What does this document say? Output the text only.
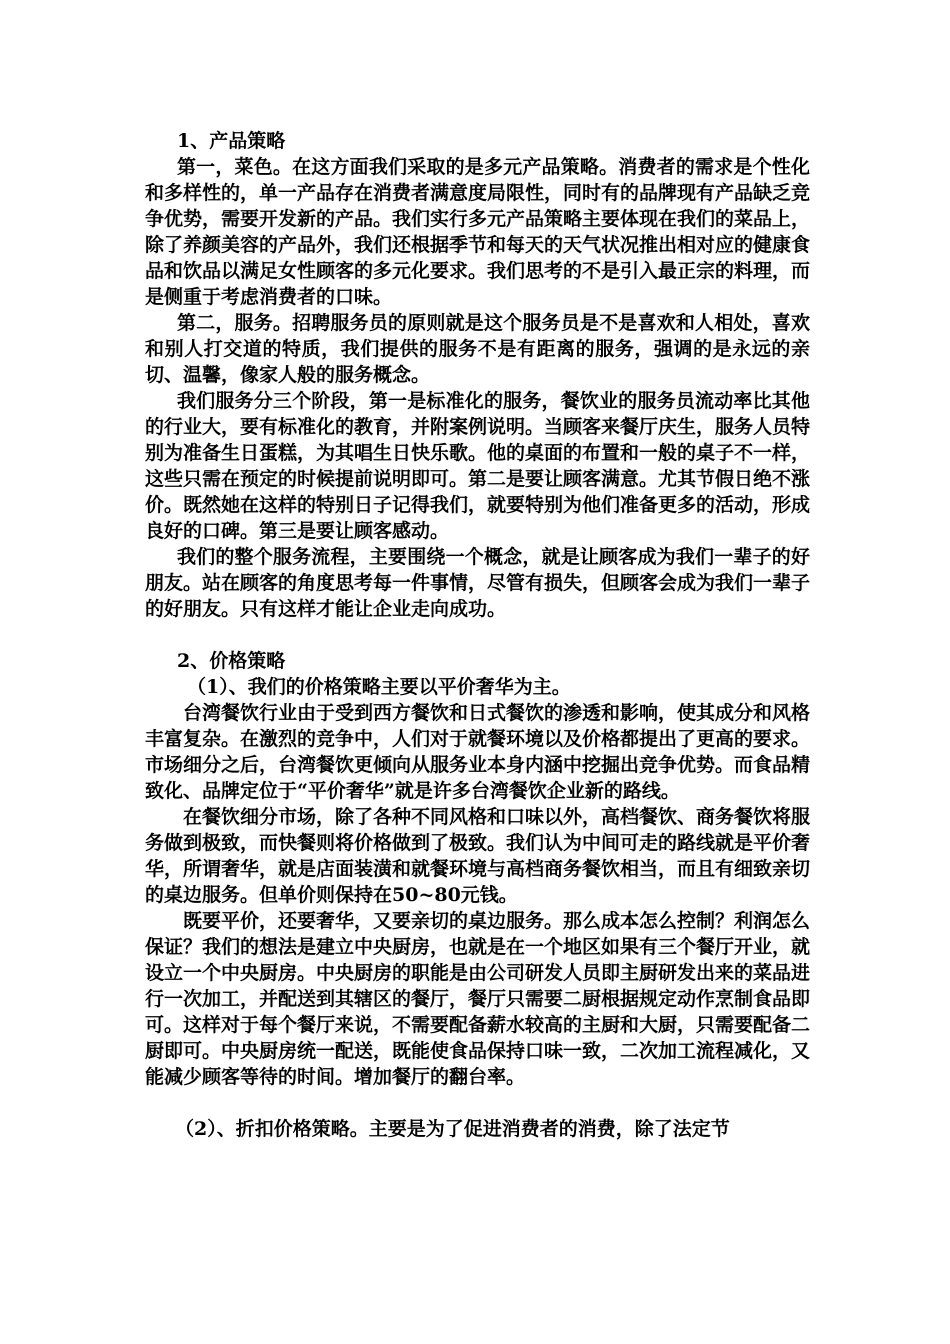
1、产品策略

第一，菜色。在这方面我们采取的是多元产品策略。消费者的需求是个性化和多样性的，单一产品存在消费者满意度局限性，同时有的品牌现有产品缺乏竞争优势，需要开发新的产品。我们实行多元产品策略主要体现在我们的菜品上，除了养颜美容的产品外，我们还根据季节和每天的天气状况推出相对应的健康食品和饮品以满足女性顾客的多元化要求。我们思考的不是引入最正宗的料理，而是侧重于考虑消费者的口味。

第二，服务。招聘服务员的原则就是这个服务员是不是喜欢和人相处，喜欢和别人打交道的特质，我们提供的服务不是有距离的服务，强调的是永远的亲切、温馨，像家人般的服务概念。

我们服务分三个阶段，第一是标准化的服务，餐饮业的服务员流动率比其他的行业大，要有标准化的教育，并附案例说明。当顾客来餐厅庆生，服务人员特别为准备生日蛋糕，为其唱生日快乐歌。他的桌面的布置和一般的桌子不一样，这些只需在预定的时候提前说明即可。第二是要让顾客满意。尤其节假日绝不涨价。既然她在这样的特别日子记得我们，就要特别为他们准备更多的活动，形成良好的口碑。第三是要让顾客感动。

我们的整个服务流程，主要围绕一个概念，就是让顾客成为我们一辈子的好朋友。站在顾客的角度思考每一件事情，尽管有损失，但顾客会成为我们一辈子的好朋友。只有这样才能让企业走向成功。

2、价格策略

（1）、我们的价格策略主要以平价奢华为主。

台湾餐饮行业由于受到西方餐饮和日式餐饮的渗透和影响，使其成分和风格丰富复杂。在激烈的竞争中，人们对于就餐环境以及价格都提出了更高的要求。市场细分之后，台湾餐饮更倾向从服务业本身内涵中挖掘出竞争优势。而食品精致化、品牌定位于“平价奢华”就是许多台湾餐饮企业新的路线。

在餐饮细分市场，除了各种不同风格和口味以外，高档餐饮、商务餐饮将服务做到极致，而快餐则将价格做到了极致。我们认为中间可走的路线就是平价奢华，所谓奢华，就是店面装潢和就餐环境与高档商务餐饮相当，而且有细致亲切的桌边服务。但单价则保持在50~80元钱。

既要平价，还要奢华，又要亲切的桌边服务。那么成本怎么控制？利润怎么保证？我们的想法是建立中央厨房，也就是在一个地区如果有三个餐厅开业，就设立一个中央厨房。中央厨房的职能是由公司研发人员即主厨研发出来的菜品进行一次加工，并配送到其辖区的餐厅，餐厅只需要二厨根据规定动作烹制食品即可。这样对于每个餐厅来说，不需要配备薪水较高的主厨和大厨，只需要配备二厨即可。中央厨房统一配送，既能使食品保持口味一致，二次加工流程减化，又能减少顾客等待的时间。增加餐厅的翻台率。

（2）、折扣价格策略。主要是为了促进消费者的消费，除了法定节
